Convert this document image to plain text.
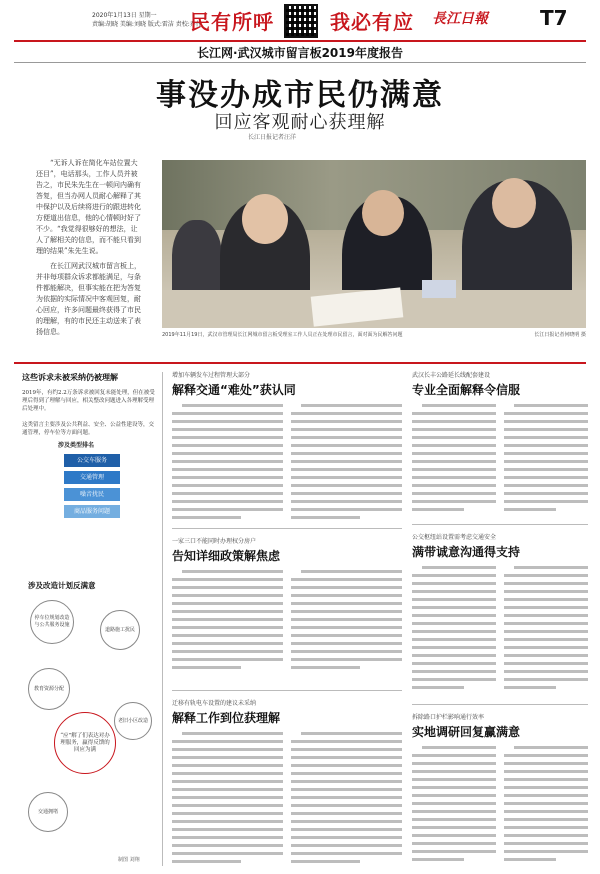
2020年1月13日 星期一
责编:胡晓 美编:刘晓 版式:雷洁 责校:乔伟
民有所呼	我必有应 長江日報	T7
长江网·武汉城市留言板2019年度报告
事没办成市民仍满意
回应客观耐心获理解
长江日报记者汪洋

“无诉人诉在简化车站位置大还目”，电话那头，工作人员并被告之，市民朱先生在一顿问内确有答复，但当办网人员耐心解释了其中保护以及后续将进行的跟进转化方便道出信息，他的心情顿时好了不少。“我觉得很够好的想法，让人了解相关的信息，而不能只看到理的结果”朱先生说。

在长江网武汉城市留言板上，并非每项群众诉求都能满足，与条件都能解决，但事实能在把为答复为依据的实际情况中客观回复，耐心回应，许多问题最终获得了市民的理解，有的市民还主动送来了表扬信息。	2019年11月19日，武汉市管理局长江网城市留言板受理室工作人员正在处理市民留言，面对面为民解答问题	长江日报记者何晓明 摄
这些诉求未被采纳仍被理解
2019年，有约2.2万条诉求被回复未能处理，但在被受理后得到了理解与回应，相关整改问题进入各理解受理后处理中。
这类留言主要涉及公共利益、安全、公益性建设等，交通管理，停车位等方面问题。
涉及类型排名
公交车服务
交通管理
噪音扰民
商品服务问题
涉及改造计划反满意
停车位规划改造与公共服务设施
道路施工扰民
教育资源分配
老旧小区改造
交通拥堵
“应”解了们表达对办理服务，赢得反馈的回应为满
制图 刘翔
增加车辆发车过程管理大部分
解释交通“难处”获认同
武汉长丰公路延长线配套建设
专业全面解释令信服
一家三口不能同时办理权分房户
告知详细政策解焦虑
公交枢纽站设置需考虑交通安全
满带诚意沟通得支持
迁移有轨电车设置的建议未采纳
解释工作到位获理解	拆除路口护栏影响通行效率
实地调研回复赢满意
